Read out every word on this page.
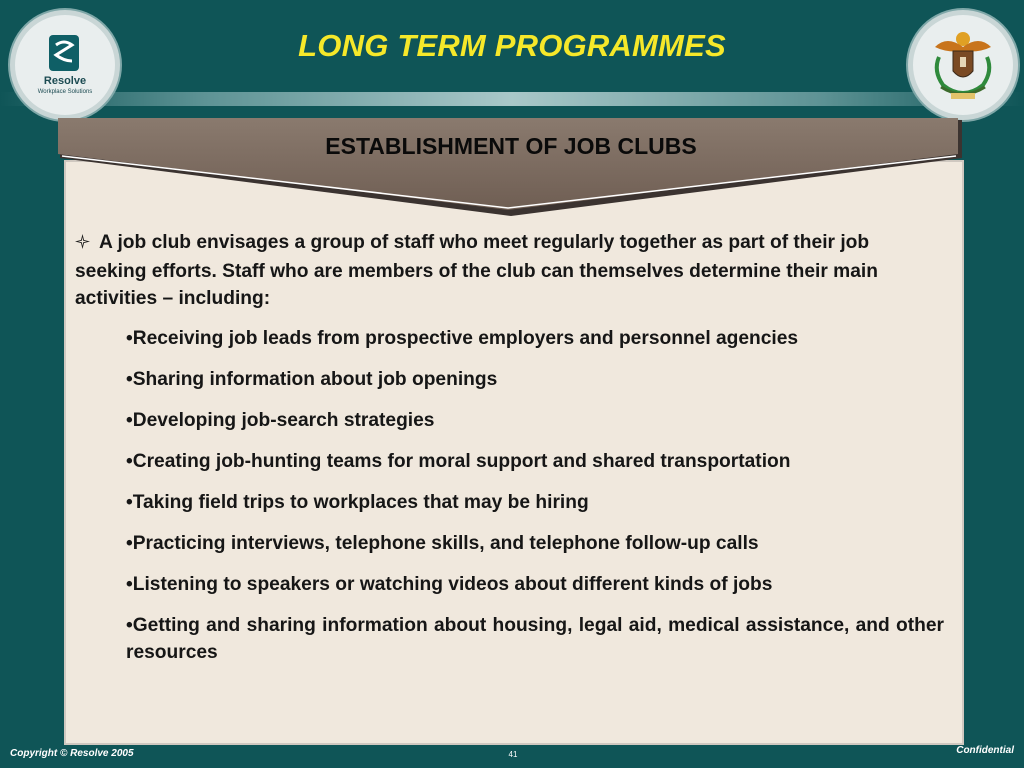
Resolve
Workplace Solutions
LONG TERM PROGRAMMES
ESTABLISHMENT OF JOB CLUBS

A job club envisages a group of staff who meet regularly together as part of their job seeking efforts. Staff who are members of the club can themselves determine their main activities – including:

• Receiving job leads from prospective employers and personnel agencies
• Sharing information about job openings
• Developing job-search strategies
• Creating job-hunting teams for moral support and shared transportation
• Taking field trips to workplaces that may be hiring
• Practicing interviews, telephone skills, and telephone follow-up calls
• Listening to speakers or watching videos about different kinds of jobs
• Getting and sharing information about housing, legal aid, medical assistance, and other resources
Copyright © Resolve 2005	41	Confidential
